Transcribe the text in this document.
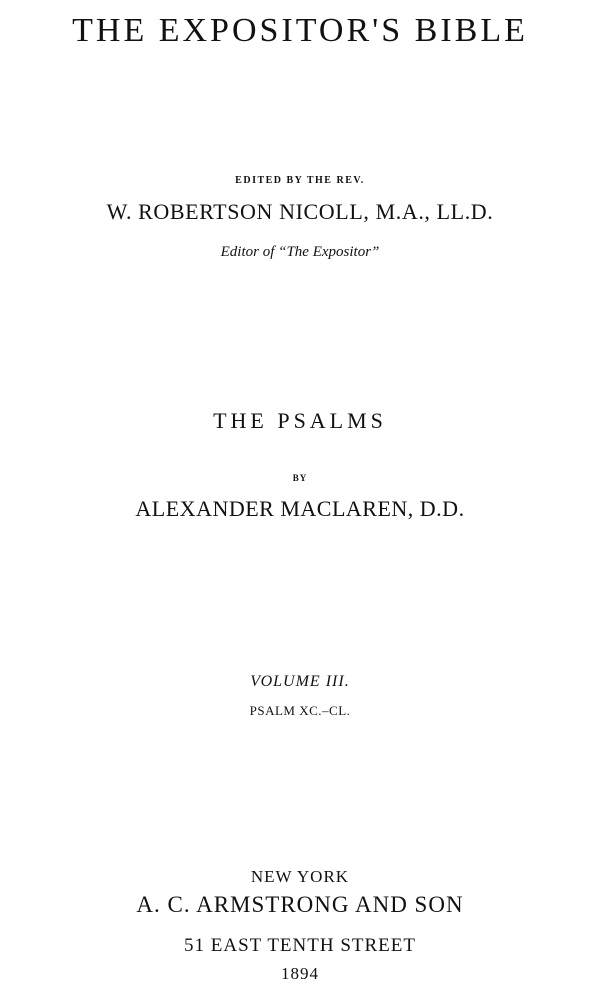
THE EXPOSITOR'S BIBLE
EDITED BY THE REV.
W. ROBERTSON NICOLL, M.A., LL.D.
Editor of “The Expositor”
THE PSALMS
BY
ALEXANDER MACLAREN, D.D.
VOLUME III.
PSALM XC.–CL.
NEW YORK
A. C. ARMSTRONG AND SON
51 EAST TENTH STREET
1894
